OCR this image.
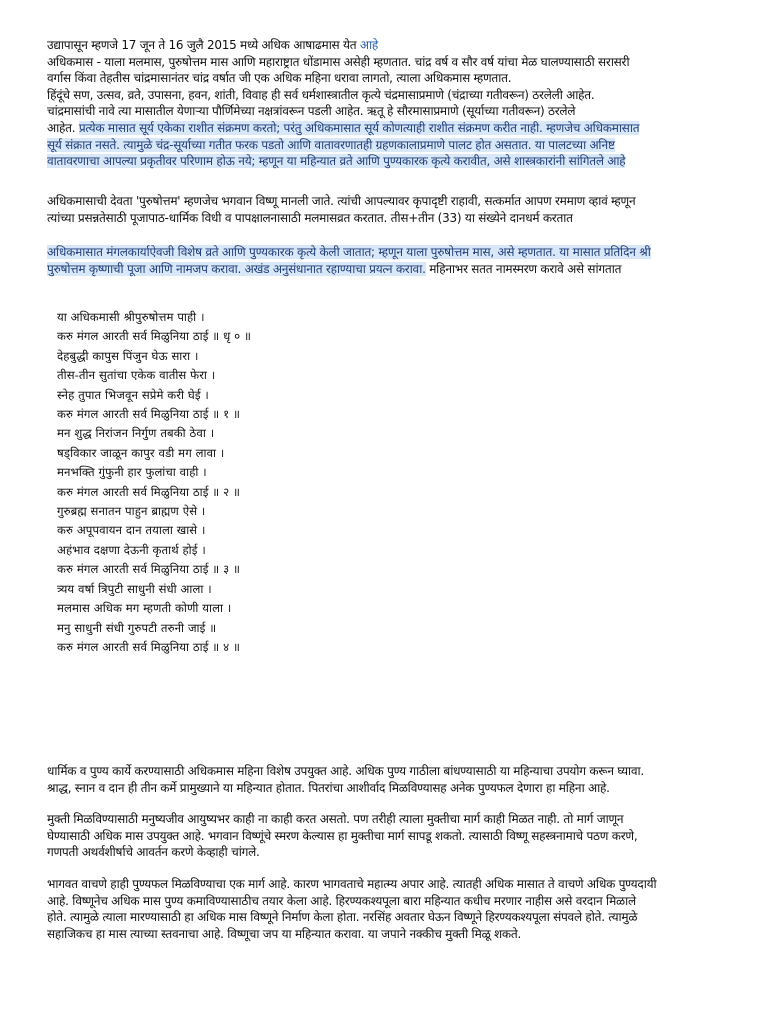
उद्यापासून म्हणजे 17 जून ते 16 जुलै 2015 मध्ये अधिक आषाढमास येत आहे
अधिकमास - याला मलमास, पुरुषोत्तम मास आणि महाराष्ट्रात धोंडामास असेही म्हणतात. चांद्र वर्ष व सौर वर्ष यांचा मेळ घालण्यासाठी सरासरी
वर्गास किंवा तेहतीस चांद्रमासानंतर चांद्र वर्षात जी एक अधिक महिना धरावा लागतो, त्याला अधिकमास म्हणतात.
हिंदूंचे सण, उत्सव, व्रते, उपासना, हवन, शांती, विवाह ही सर्व धर्मशास्त्रातील कृत्ये चंद्रमासाप्रमाणे (चंद्राच्या गतीवरून) ठरलेली आहेत.
चांद्रमासांची नावे त्या मासातील येणाऱ्या पौर्णिमेच्या नक्षत्रांवरून पडली आहेत. ऋतू हे सौरमासाप्रमाणे (सूर्याच्या गतीवरून) ठरलेले
आहेत. प्रत्येक मासात सूर्य एकेका राशीत संक्रमण करतो; परंतु अधिकमासात सूर्य कोणत्याही राशीत संक्रमण करीत नाही. म्हणजेच अधिकमासात
सूर्य संक्रात नसते. त्यामुळे चंद्र-सूर्याच्या गतीत फरक पडतो आणि वातावरणातही ग्रहणकालाप्रमाणे पालट होत असतात. या पालटच्या अनिष्ट
वातावरणाचा आपल्या प्रकृतीवर परिणाम होऊ नये; म्हणून या महिन्यात व्रते आणि पुण्यकारक कृत्ये करावीत, असे शास्त्रकारांनी सांगितले आहे
अधिकमासाची देवता 'पुरुषोत्तम' म्हणजेच भगवान विष्णू मानली जाते. त्यांची आपल्यावर कृपादृष्टी राहावी, सत्कर्मात आपण रममाण व्हावं म्हणून
त्यांच्या प्रसन्नतेसाठी पूजापाठ-धार्मिक विधी व पापक्षालनासाठी मलमासव्रत करतात. तीस+तीन (33) या संख्येने दानधर्म करतात
अधिकमासात मंगलकार्याऐवजी विशेष व्रते आणि पुण्यकारक कृत्ये केली जातात; म्हणून याला पुरुषोत्तम मास, असे म्हणतात. या मासात प्रतिदिन श्री
पुरुषोत्तम कृष्णाची पूजा आणि नामजप करावा. अखंड अनुसंधानात रहाण्याचा प्रयत्न करावा. महिनाभर सतत नामस्मरण करावे असे सांगतात
या अधिकमासी श्रीपुरुषोत्तम पाही ।
करु मंगल आरती सर्व मिळुनिया ठाई ॥ धृ ० ॥
देहबुद्धी कापुस पिंजुन घेऊ सारा ।
तीस-तीन सुतांचा एकेक वातीस फेरा ।
स्नेह तुपात भिजवून सप्रेमे करी घेई ।
करु मंगल आरती सर्व मिळुनिया ठाई ॥ १ ॥
मन शुद्ध निरांजन निर्गुण तबकी ठेवा ।
षड्विकार जाळून कापुर वडी मग लावा ।
मनभक्ति गुंफुनी हार फुलांचा वाही ।
करु मंगल आरती सर्व मिळुनिया ठाई ॥ २ ॥
गुरुब्रह्म सनातन पाहुन ब्राह्मण ऐसे ।
करु अपूपवायन दान तयाला खासे ।
अहंभाव दक्षणा देऊनी कृतार्थ होई ।
करु मंगल आरती सर्व मिळुनिया ठाई ॥ ३ ॥
त्र्यय वर्षा त्रिपुटी साधुनी संधी आला ।
मलमास अधिक मग म्हणती कोणी याला ।
मनु साधुनी संधी गुरुपटी तरुनी जाई ॥
करु मंगल आरती सर्व मिळुनिया ठाई ॥ ४ ॥
धार्मिक व पुण्य कार्ये करण्यासाठी अधिकमास महिना विशेष उपयुक्त आहे. अधिक पुण्य गाठीला बांधण्यासाठी या महिन्याचा उपयोग करून घ्यावा.
श्राद्ध, स्नान व दान ही तीन कर्मे प्रामुख्याने या महिन्यात होतात. पितरांचा आशीर्वाद मिळविण्यासह अनेक पुण्यफल देणारा हा महिना आहे.
मुक्ती मिळविण्यासाठी मनुष्यजीव आयुष्यभर काही ना काही करत असतो. पण तरीही त्याला मुक्तीचा मार्ग काही मिळत नाही. तो मार्ग जाणून
घेण्यासाठी अधिक मास उपयुक्त आहे. भगवान विष्णूंचे स्मरण केल्यास हा मुक्तीचा मार्ग सापडू शकतो. त्यासाठी विष्णू सहस्त्रनामाचे पठण करणे,
गणपती अथर्वशीर्षाचे आवर्तन करणे केव्हाही चांगले.
भागवत वाचणे हाही पुण्यफल मिळविण्याचा एक मार्ग आहे. कारण भागवताचे महात्म्य अपार आहे. त्यातही अधिक मासात ते वाचणे अधिक पुण्यदायी
आहे. विष्णूनेच अधिक मास पुण्य कमाविण्यासाठीच तयार केला आहे. हिरण्यकश्यपूला बारा महिन्यात कधीच मरणार नाहीस असे वरदान मिळाले
होते. त्यामुळे त्याला मारण्यासाठी हा अधिक मास विष्णूने निर्माण केला होता. नरसिंह अवतार घेऊन विष्णूने हिरण्यकश्यपूला संपवले होते. त्यामुळे
सहाजिकच हा मास त्याच्या स्तवनाचा आहे. विष्णूचा जप या महिन्यात करावा. या जपाने नक्कीच मुक्ती मिळू शकते.
